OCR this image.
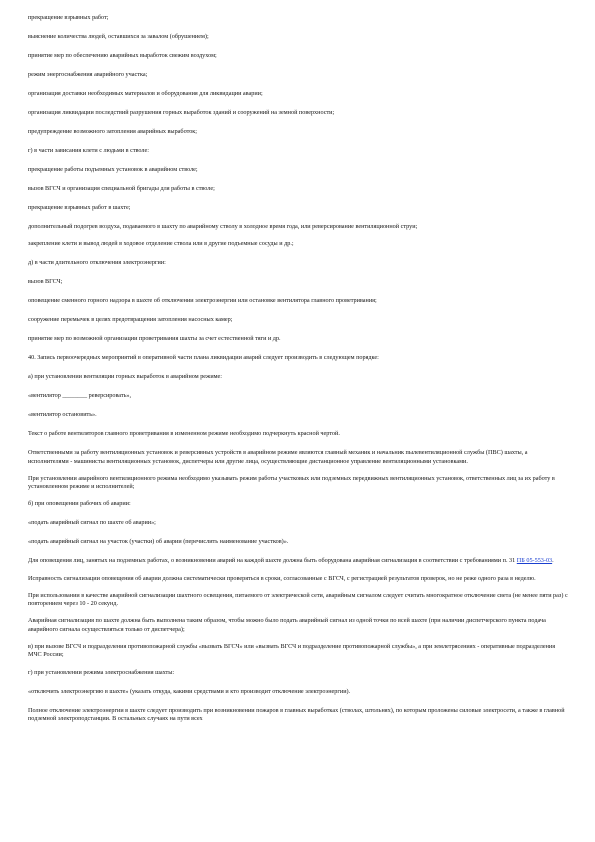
прекращение взрывных работ;

выяснение количества людей, оставшихся за завалом (обрушением);

принятие мер по обеспечению аварийных выработок свежим воздухом;

режим энергоснабжения аварийного участка;

организация доставки необходимых материалов и оборудования для ликвидации аварии;

организация ликвидации последствий разрушения горных выработок зданий и сооружений на земной поверхности;

предупреждение возможного затопления аварийных выработок;

г) в части зависания клети с людьми в стволе:

прекращение работы подъемных установок в аварийном стволе;

вызов ВГСЧ и организация специальной бригады для работы в стволе;

прекращение взрывных работ в шахте;

дополнительный подогрев воздуха, подаваемого в шахту по аварийному стволу в холодное время года, или реверсирование вентиляционной струи;

закрепление клети и вывод людей в ходовое отделение ствола или в другие подъемные сосуды и др.;

д) в части длительного отключения электроэнергии:

вызов ВГСЧ;

оповещение сменного горного надзора в шахте об отключении электроэнергии или остановке вентилятора главного проветривания;

сооружение перемычек в целях предотвращения затопления насосных камер;

принятие мер по возможной организации проветривания шахты за счет естественной тяги и др.

40. Запись первоочередных мероприятий в оперативной части плана ликвидации аварий следует производить в следующем порядке:

а) при установлении вентиляции горных выработок в аварийном режиме:

«вентилятор ________ реверсировать»,

«вентилятор остановить».

Текст о работе вентиляторов главного проветривания в измененном режиме необходимо подчеркнуть красной чертой.

Ответственными за работу вентиляционных установок и реверсивных устройств в аварийном режиме являются главный механик и начальник пылевентиляционной службы (ПВС) шахты, а исполнителями - машинисты вентиляционных установок, диспетчеры или другие лица, осуществляющие дистанционное управление вентиляционными установками.

При установлении аварийного вентиляционного режима необходимо указывать режим работы участковых или подземных передвижных вентиляционных установок, ответственных лиц за их работу в установленном режиме и исполнителей;

б) при оповещении рабочих об аварии:

«подать аварийный сигнал по шахте об аварии»;

«подать аварийный сигнал на участок (участки) об аварии (перечислить наименование участков)».

Для оповещения лиц, занятых на подземных работах, о возникновении аварий на каждой шахте должна быть оборудована аварийная сигнализация в соответствии с требованиями п. 31 ПБ 05-553-03.

Исправность сигнализации оповещения об аварии должна систематически проверяться в сроки, согласованные с ВГСЧ, с регистрацией результатов проверок, но не реже одного раза в неделю.

При использовании в качестве аварийной сигнализации шахтного освещения, питаемого от электрической сети, аварийным сигналом следует считать многократное отключение света (не менее пяти раз) с повторением через 10 - 20 секунд.

Аварийная сигнализация по шахте должна быть выполнена таким образом, чтобы можно было подать аварийный сигнал из одной точки по всей шахте (при наличии диспетчерского пункта подача аварийного сигнала осуществляться только от диспетчера);

в) при вызове ВГСЧ и подразделения противопожарной службы «вызвать ВГСЧ» или «вызвать ВГСЧ и подразделение противопожарной службы», а при землетрясениях - оперативные подразделения МЧС России;

г) при установлении режима электроснабжения шахты:

«отключить электроэнергию в шахте» (указать откуда, какими средствами и кто производит отключение электроэнергии).

Полное отключение электроэнергии в шахте следует производить при возникновении пожаров в главных выработках (стволах, штольнях), по которым проложены силовые электросети, а также в главной подземной электроподстанции. В остальных случаях на пути всех
